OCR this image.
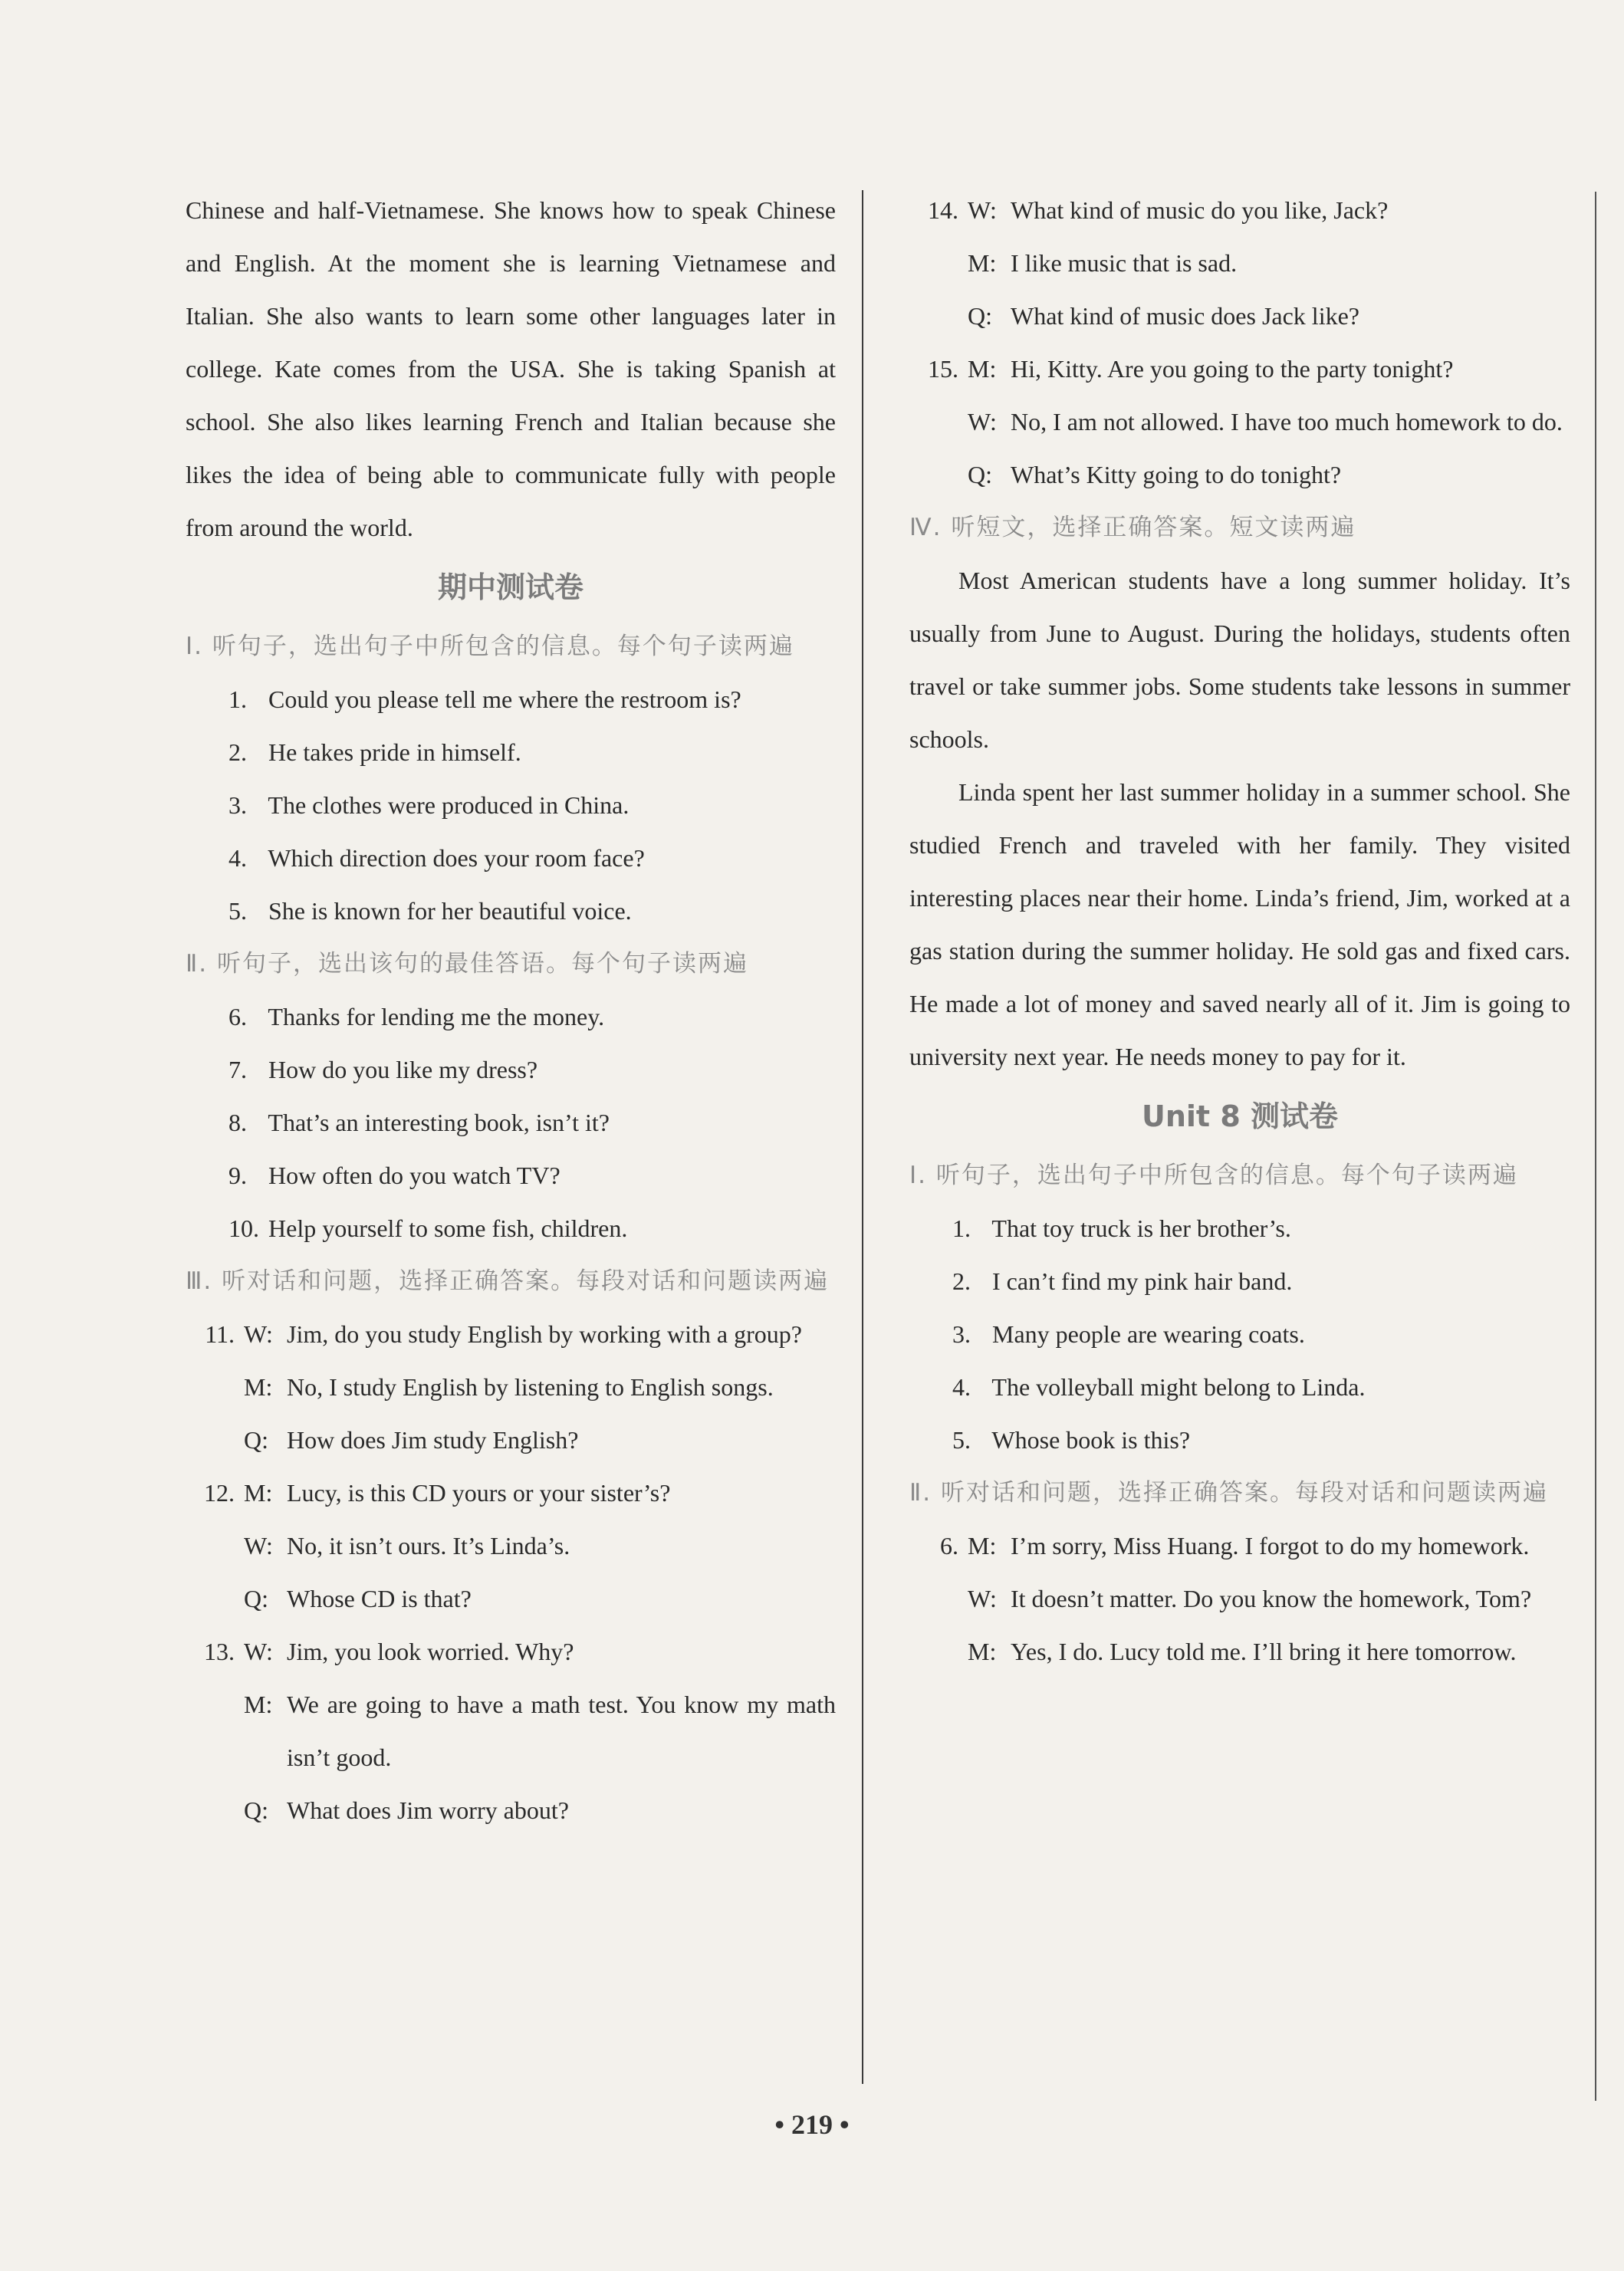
Chinese and half-Vietnamese. She knows how to speak Chinese and English. At the moment she is learning Vietnamese and Italian. She also wants to learn some other languages later in college. Kate comes from the USA. She is taking Spanish at school. She also likes learning French and Italian because she likes the idea of being able to communicate fully with people from around the world.

期中测试卷

Ⅰ. 听句子，选出句子中所包含的信息。每个句子读两遍

1. Could you please tell me where the restroom is?

2. He takes pride in himself.

3. The clothes were produced in China.

4. Which direction does your room face?

5. She is known for her beautiful voice.

Ⅱ. 听句子，选出该句的最佳答语。每个句子读两遍

6. Thanks for lending me the money.

7. How do you like my dress?

8. That’s an interesting book, isn’t it?

9. How often do you watch TV?

10. Help yourself to some fish, children.

Ⅲ. 听对话和问题，选择正确答案。每段对话和问题读两遍

11. W: Jim, do you study English by working with a group?
M: No, I study English by listening to English songs.
Q: How does Jim study English?
12. M: Lucy, is this CD yours or your sister’s?
W: No, it isn’t ours. It’s Linda’s.
Q: Whose CD is that?
13. W: Jim, you look worried. Why?
M: We are going to have a math test. You know my math isn’t good.
Q: What does Jim worry about?
14. W: What kind of music do you like, Jack?
M: I like music that is sad.
Q: What kind of music does Jack like?
15. M: Hi, Kitty. Are you going to the party tonight?
W: No, I am not allowed. I have too much homework to do.
Q: What’s Kitty going to do tonight?

Ⅳ. 听短文，选择正确答案。短文读两遍

Most American students have a long summer holiday. It’s usually from June to August. During the holidays, students often travel or take summer jobs. Some students take lessons in summer schools.

Linda spent her last summer holiday in a summer school. She studied French and traveled with her family. They visited interesting places near their home. Linda’s friend, Jim, worked at a gas station during the summer holiday. He sold gas and fixed cars. He made a lot of money and saved nearly all of it. Jim is going to university next year. He needs money to pay for it.

Unit 8 测试卷

Ⅰ. 听句子，选出句子中所包含的信息。每个句子读两遍

1. That toy truck is her brother’s.

2. I can’t find my pink hair band.

3. Many people are wearing coats.

4. The volleyball might belong to Linda.

5. Whose book is this?

Ⅱ. 听对话和问题，选择正确答案。每段对话和问题读两遍

6. M: I’m sorry, Miss Huang. I forgot to do my homework.
W: It doesn’t matter. Do you know the homework, Tom?
M: Yes, I do. Lucy told me. I’ll bring it here tomorrow.
• 219 •
